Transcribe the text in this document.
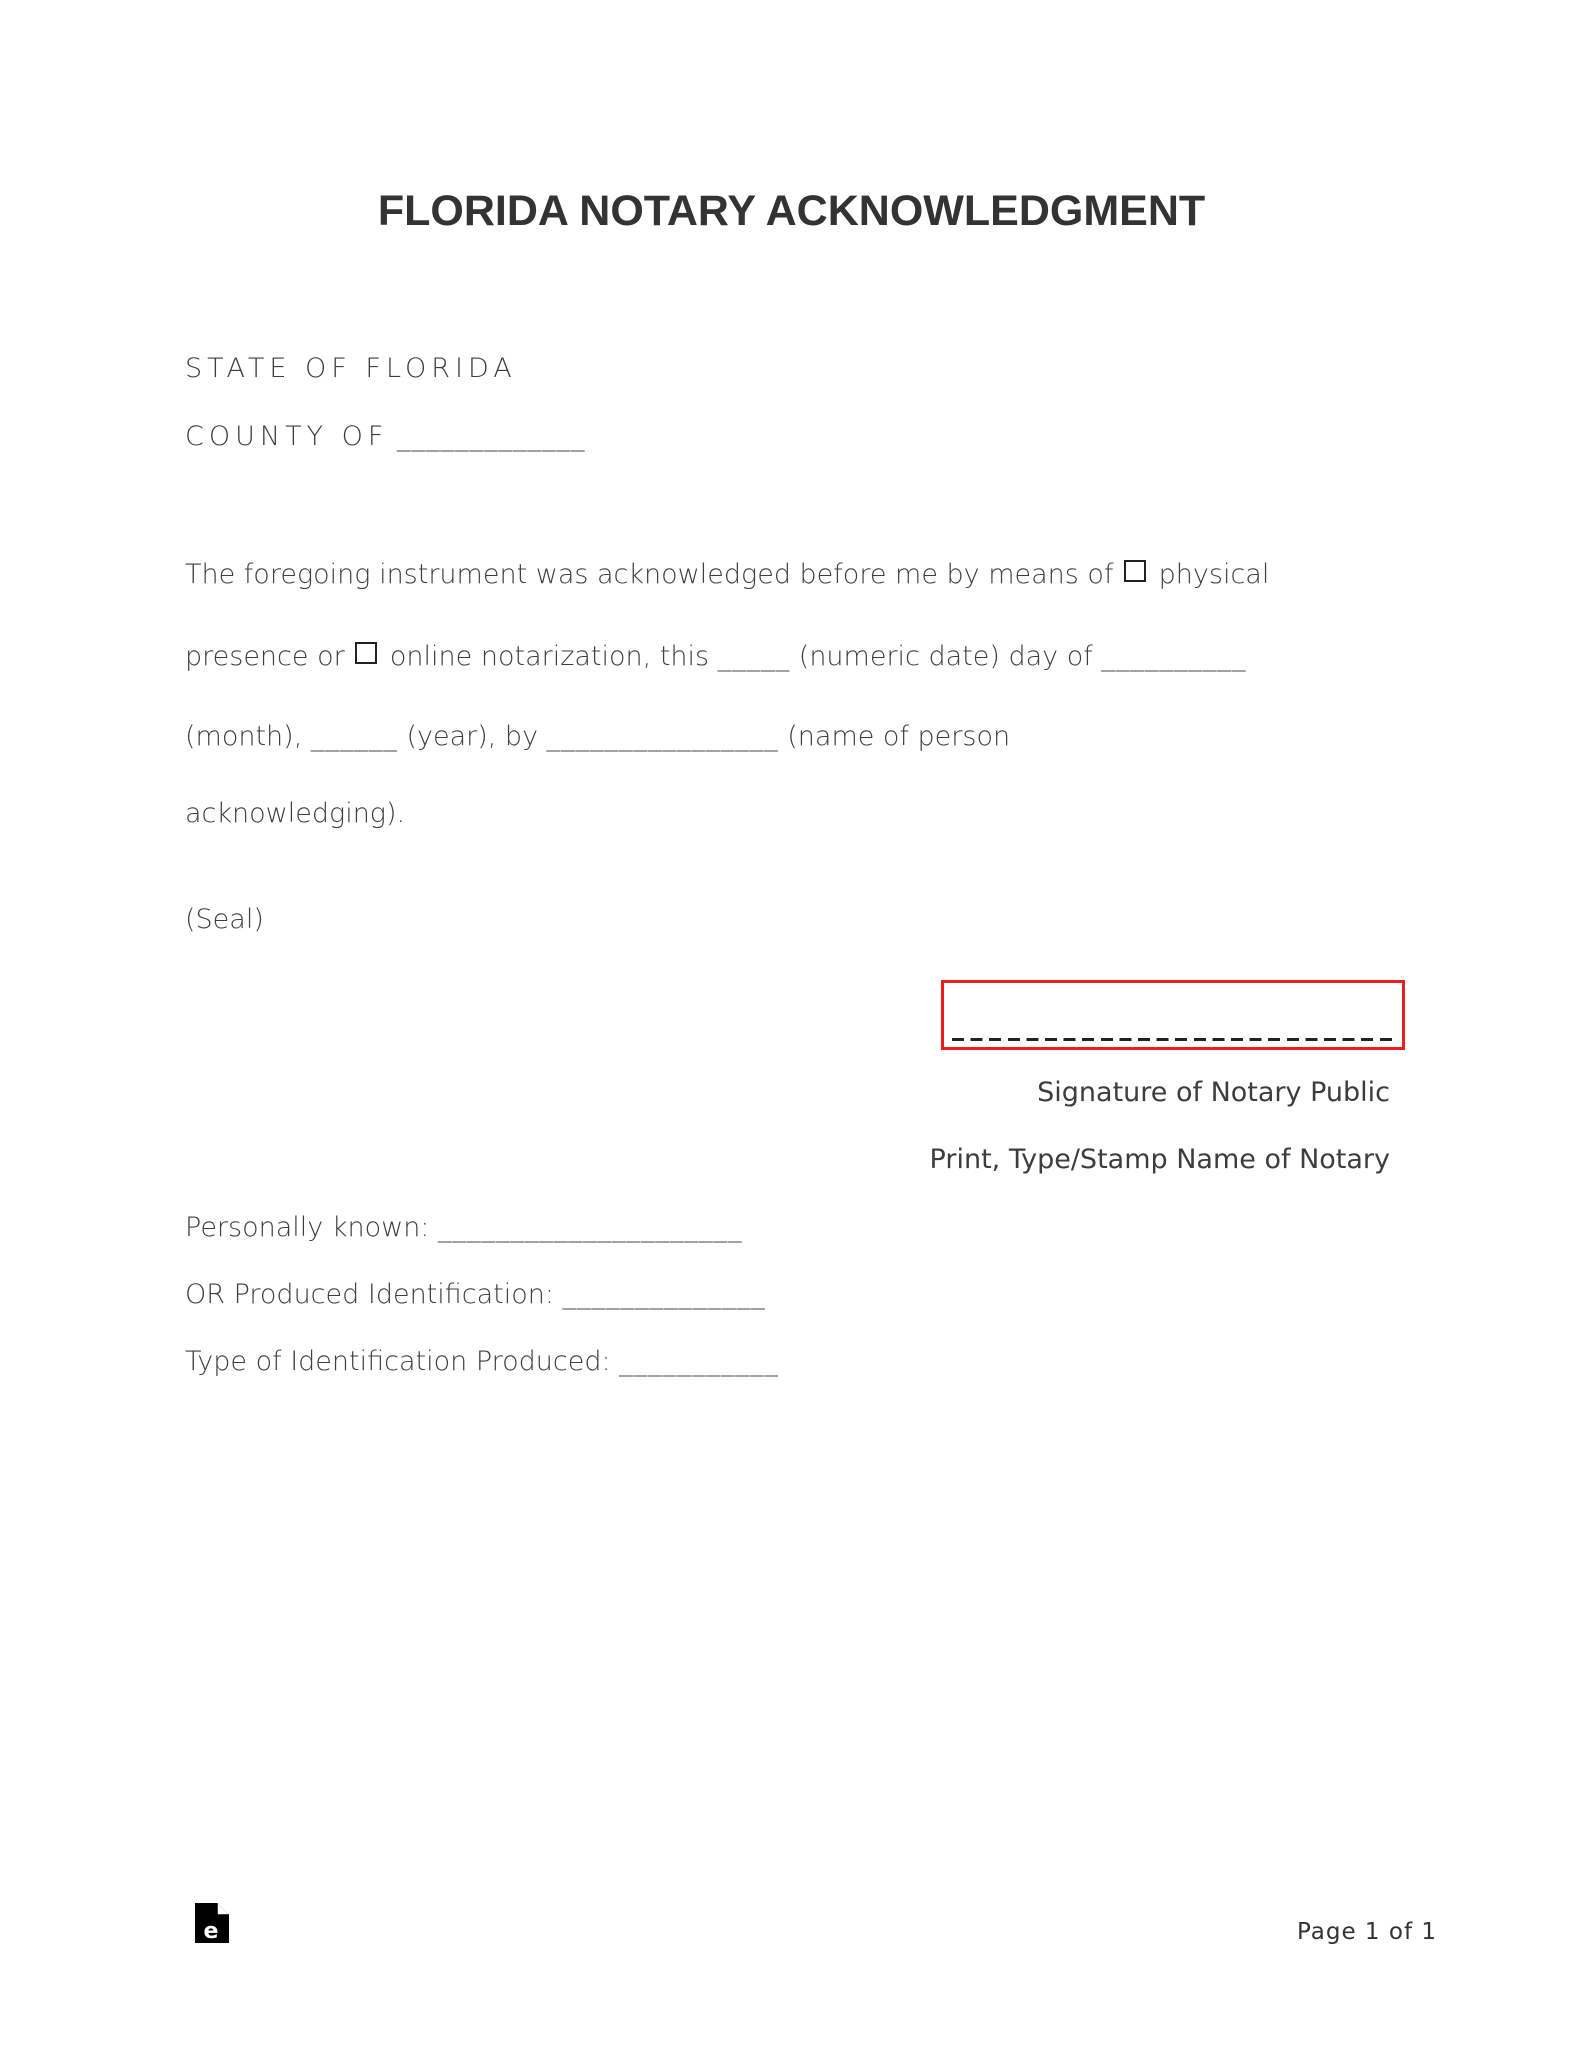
FLORIDA NOTARY ACKNOWLEDGMENT
STATE OF FLORIDA
COUNTY OF _____________
The foregoing instrument was acknowledged before me by means of physical
presence or online notarization, this _____ (numeric date) day of __________
(month), ______ (year), by ________________ (name of person
acknowledging).
(Seal)
Signature of Notary Public
Print, Type/Stamp Name of Notary
Personally known: _____________________
OR Produced Identification: ______________
Type of Identification Produced: ___________
e	Page 1 of 1
